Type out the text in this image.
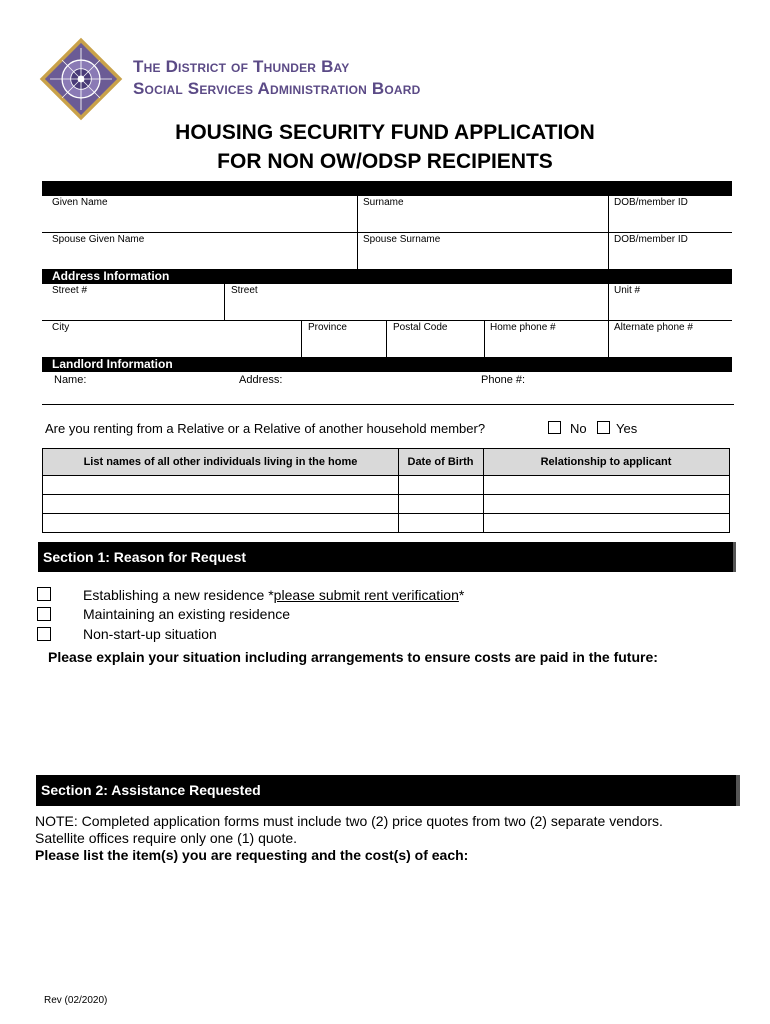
The District of Thunder Bay
Social Services Administration Board
HOUSING SECURITY FUND APPLICATION
FOR NON OW/ODSP RECIPIENTS
Given Name	Surname	DOB/member ID
Spouse Given Name	Spouse Surname	DOB/member ID
Address Information
Street #	Street	Unit #
City	Province	Postal Code	Home phone #	Alternate phone #
Landlord Information
Name:	Address:	Phone #:
Are you renting from a Relative or a Relative of another household member?	No Yes
List names of all other individuals living in the home	Date of Birth	Relationship to applicant
Section 1: Reason for Request
Establishing a new residence *please submit rent verification*
Maintaining an existing residence
Non-start-up situation
Please explain your situation including arrangements to ensure costs are paid in the future:
Section 2: Assistance Requested
NOTE: Completed application forms must include two (2) price quotes from two (2) separate vendors.
Satellite offices require only one (1) quote.
Please list the item(s) you are requesting and the cost(s) of each:
Rev (02/2020)
